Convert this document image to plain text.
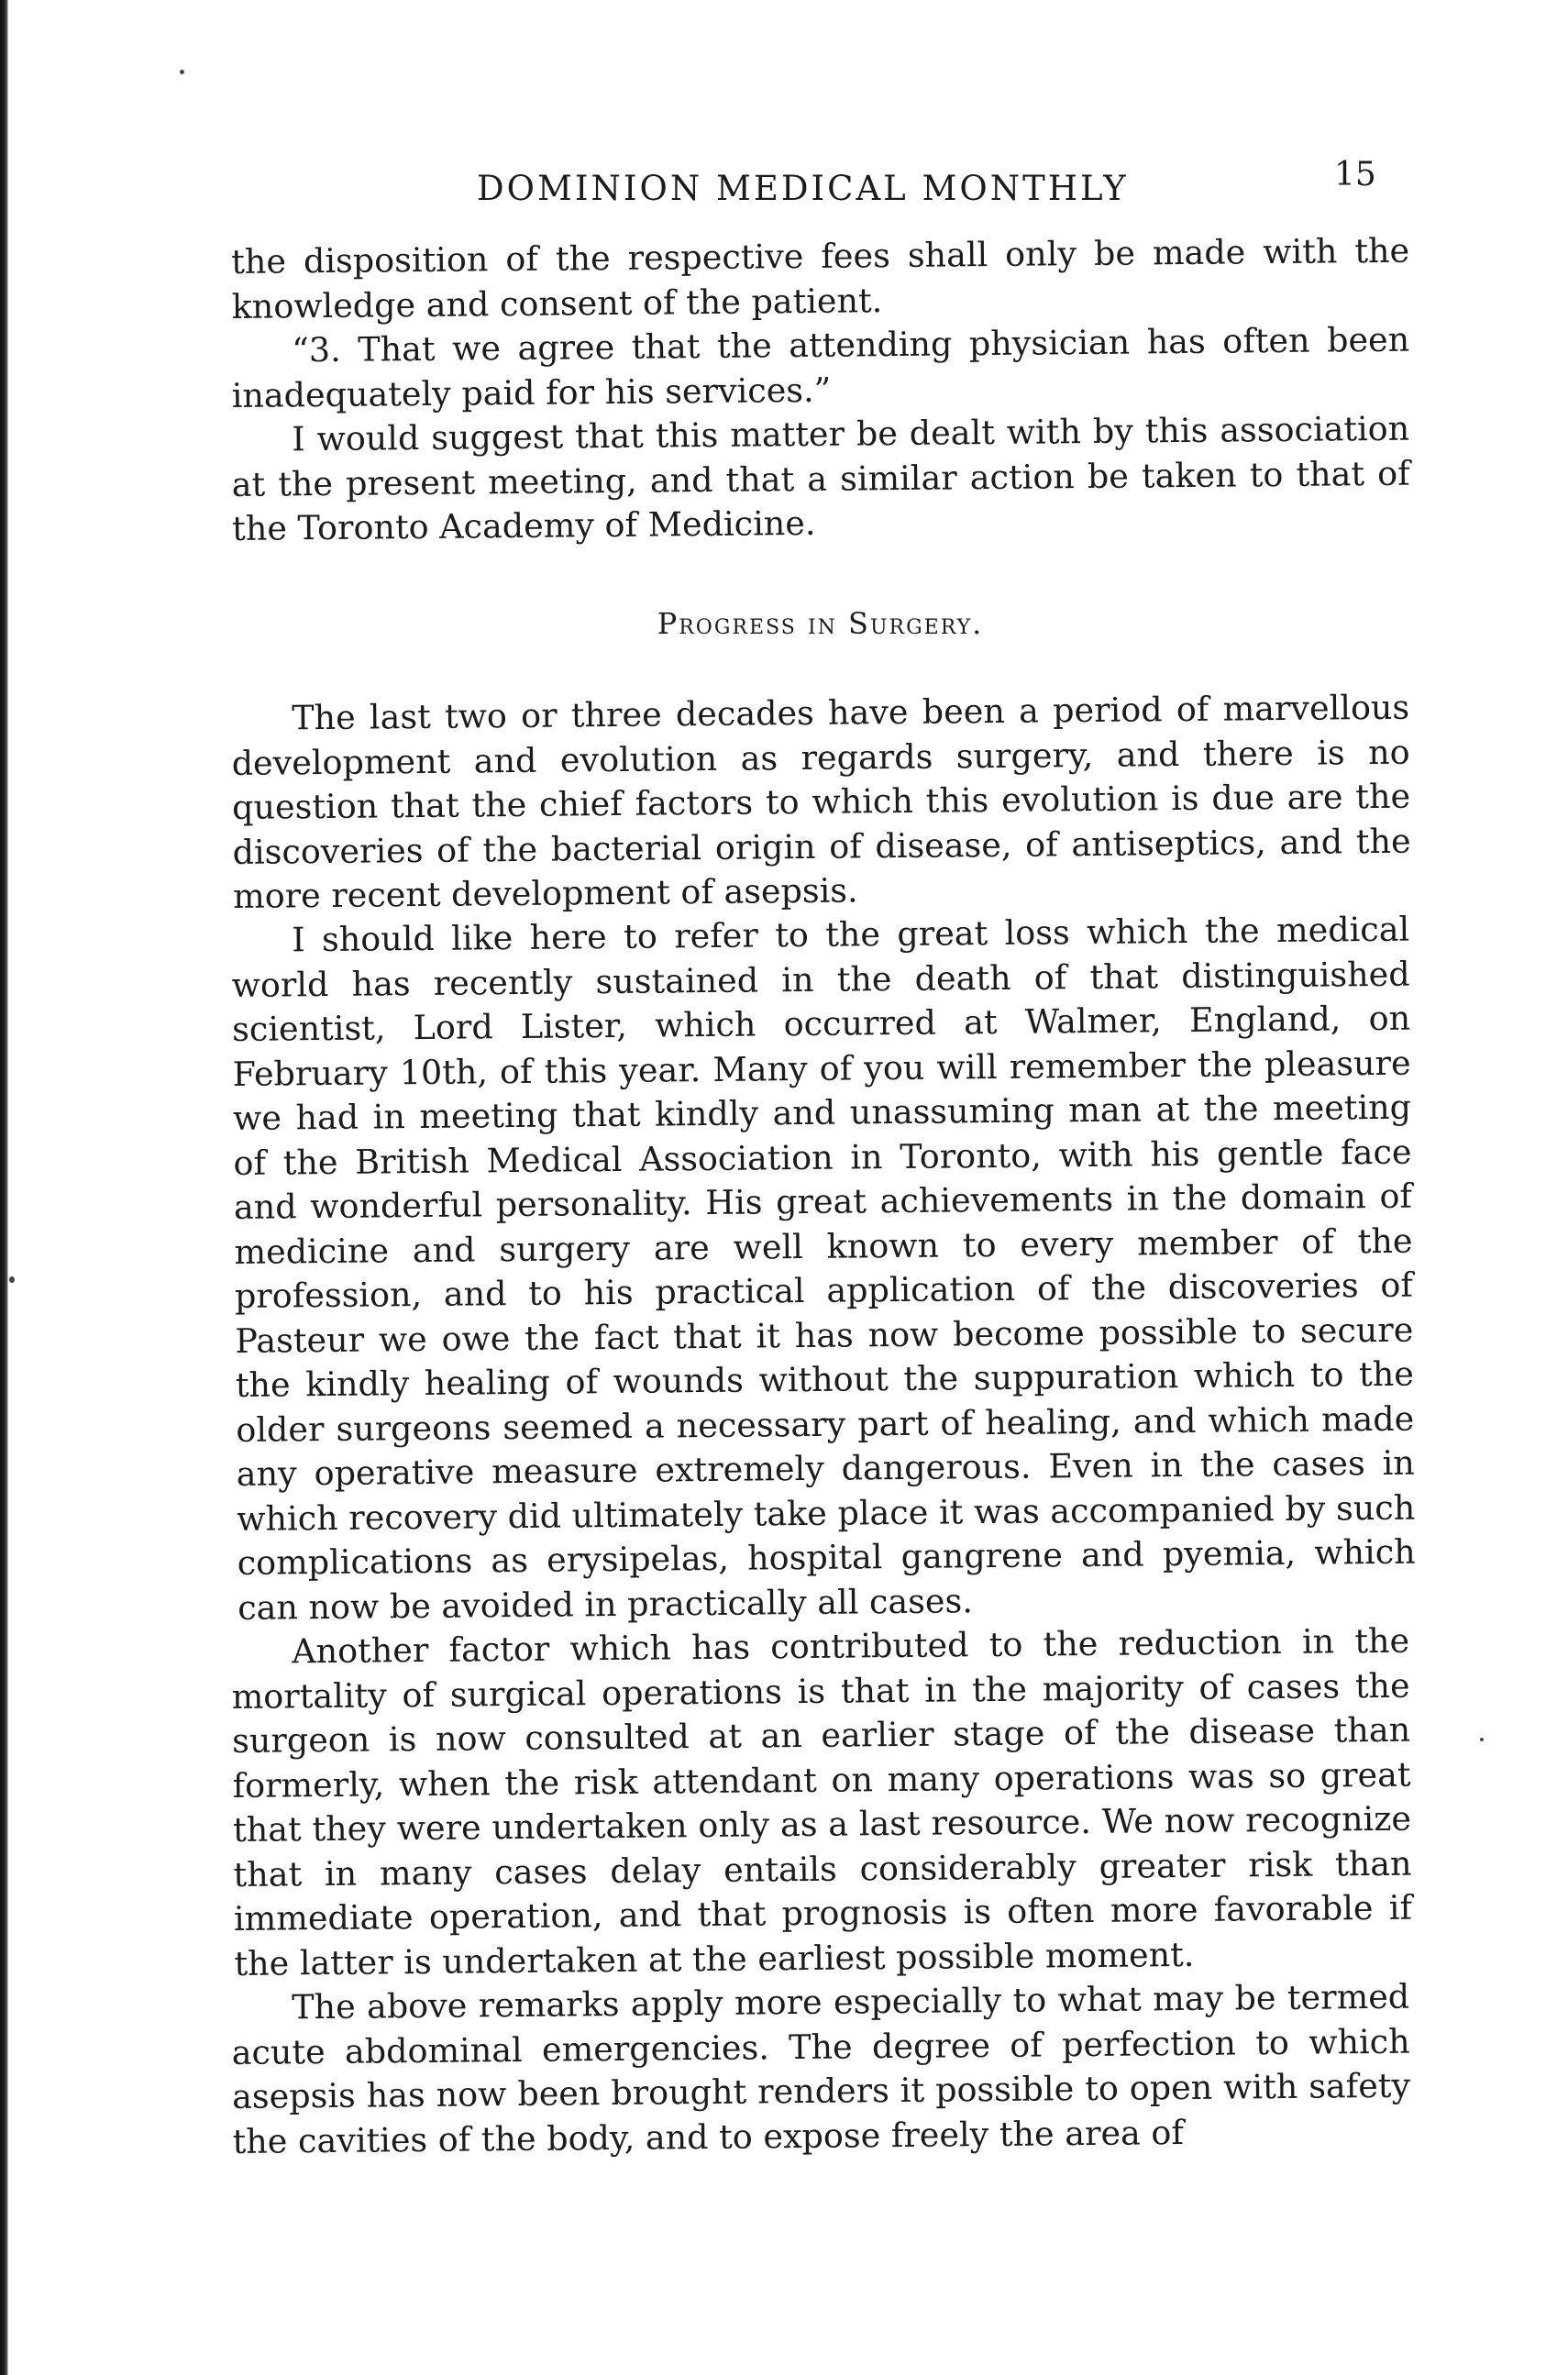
DOMINION MEDICAL MONTHLY	15

the disposition of the respective fees shall only be made with the knowledge and consent of the patient.

“3. That we agree that the attending physician has often been inadequately paid for his services.”

I would suggest that this matter be dealt with by this association at the present meeting, and that a similar action be taken to that of the Toronto Academy of Medicine.

Progress in Surgery.

The last two or three decades have been a period of marvellous development and evolution as regards surgery, and there is no question that the chief factors to which this evolution is due are the discoveries of the bacterial origin of disease, of antiseptics, and the more recent development of asepsis.

I should like here to refer to the great loss which the medical world has recently sustained in the death of that distinguished scientist, Lord Lister, which occurred at Walmer, England, on February 10th, of this year. Many of you will remember the pleasure we had in meeting that kindly and unassuming man at the meeting of the British Medical Association in Toronto, with his gentle face and wonderful personality. His great achievements in the domain of medicine and surgery are well known to every member of the profession, and to his practical application of the discoveries of Pasteur we owe the fact that it has now become possible to secure the kindly healing of wounds without the suppuration which to the older surgeons seemed a necessary part of healing, and which made any operative measure extremely dangerous. Even in the cases in which recovery did ultimately take place it was accompanied by such complications as erysipelas, hospital gangrene and pyemia, which can now be avoided in practically all cases.

Another factor which has contributed to the reduction in the mortality of surgical operations is that in the majority of cases the surgeon is now consulted at an earlier stage of the disease than formerly, when the risk attendant on many operations was so great that they were undertaken only as a last resource. We now recognize that in many cases delay entails considerably greater risk than immediate operation, and that prognosis is often more favorable if the latter is undertaken at the earliest possible moment.

The above remarks apply more especially to what may be termed acute abdominal emergencies. The degree of perfection to which asepsis has now been brought renders it possible to open with safety the cavities of the body, and to expose freely the area of
